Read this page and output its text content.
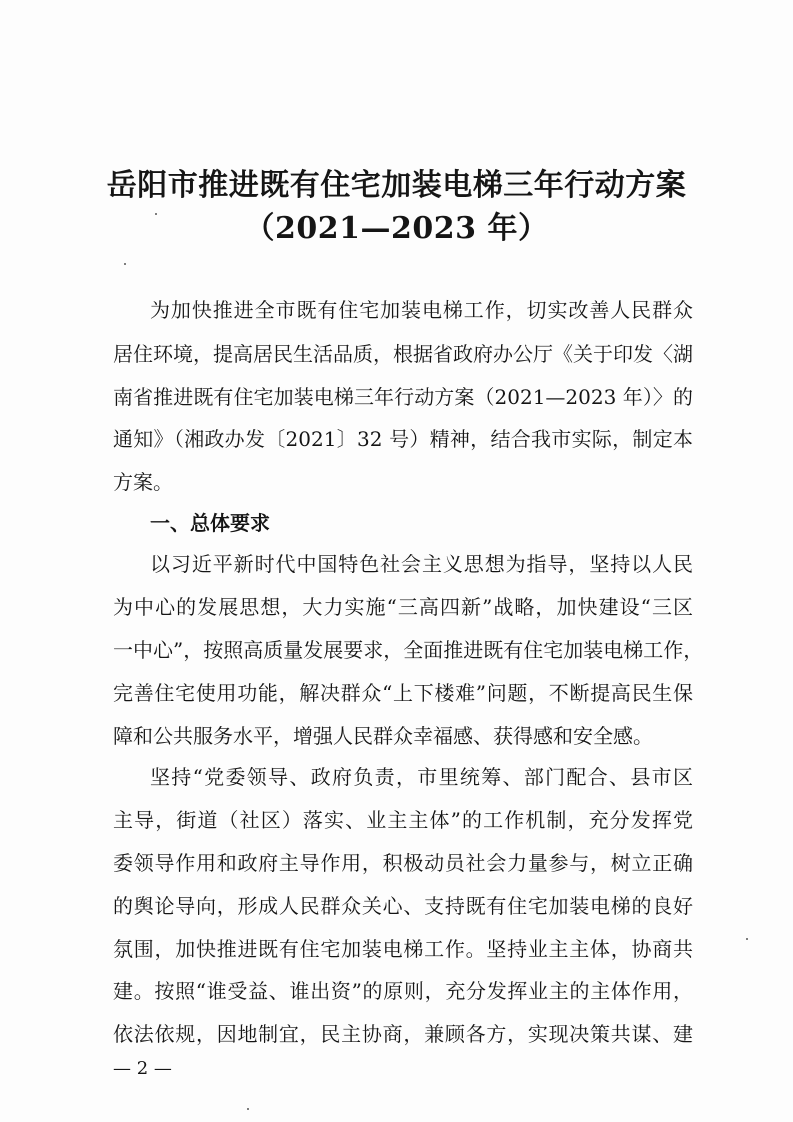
岳阳市推进既有住宅加装电梯三年行动方案
（2021—2023 年）

为加快推进全市既有住宅加装电梯工作，切实改善人民群众

居住环境，提高居民生活品质，根据省政府办公厅《关于印发〈湖

南省推进既有住宅加装电梯三年行动方案（2021—2023 年）〉的

通知》（湘政办发〔2021〕32 号）精神，结合我市实际，制定本

方案。

一、总体要求

以习近平新时代中国特色社会主义思想为指导，坚持以人民

为中心的发展思想，大力实施“三高四新”战略，加快建设“三区

一中心”，按照高质量发展要求，全面推进既有住宅加装电梯工作，

完善住宅使用功能，解决群众“上下楼难”问题，不断提高民生保

障和公共服务水平，增强人民群众幸福感、获得感和安全感。

坚持“党委领导、政府负责，市里统筹、部门配合、县市区

主导，街道（社区）落实、业主主体”的工作机制，充分发挥党

委领导作用和政府主导作用，积极动员社会力量参与，树立正确

的舆论导向，形成人民群众关心、支持既有住宅加装电梯的良好

氛围，加快推进既有住宅加装电梯工作。坚持业主主体，协商共

建。按照“谁受益、谁出资”的原则，充分发挥业主的主体作用，

依法依规，因地制宜，民主协商，兼顾各方，实现决策共谋、建

— 2 —
